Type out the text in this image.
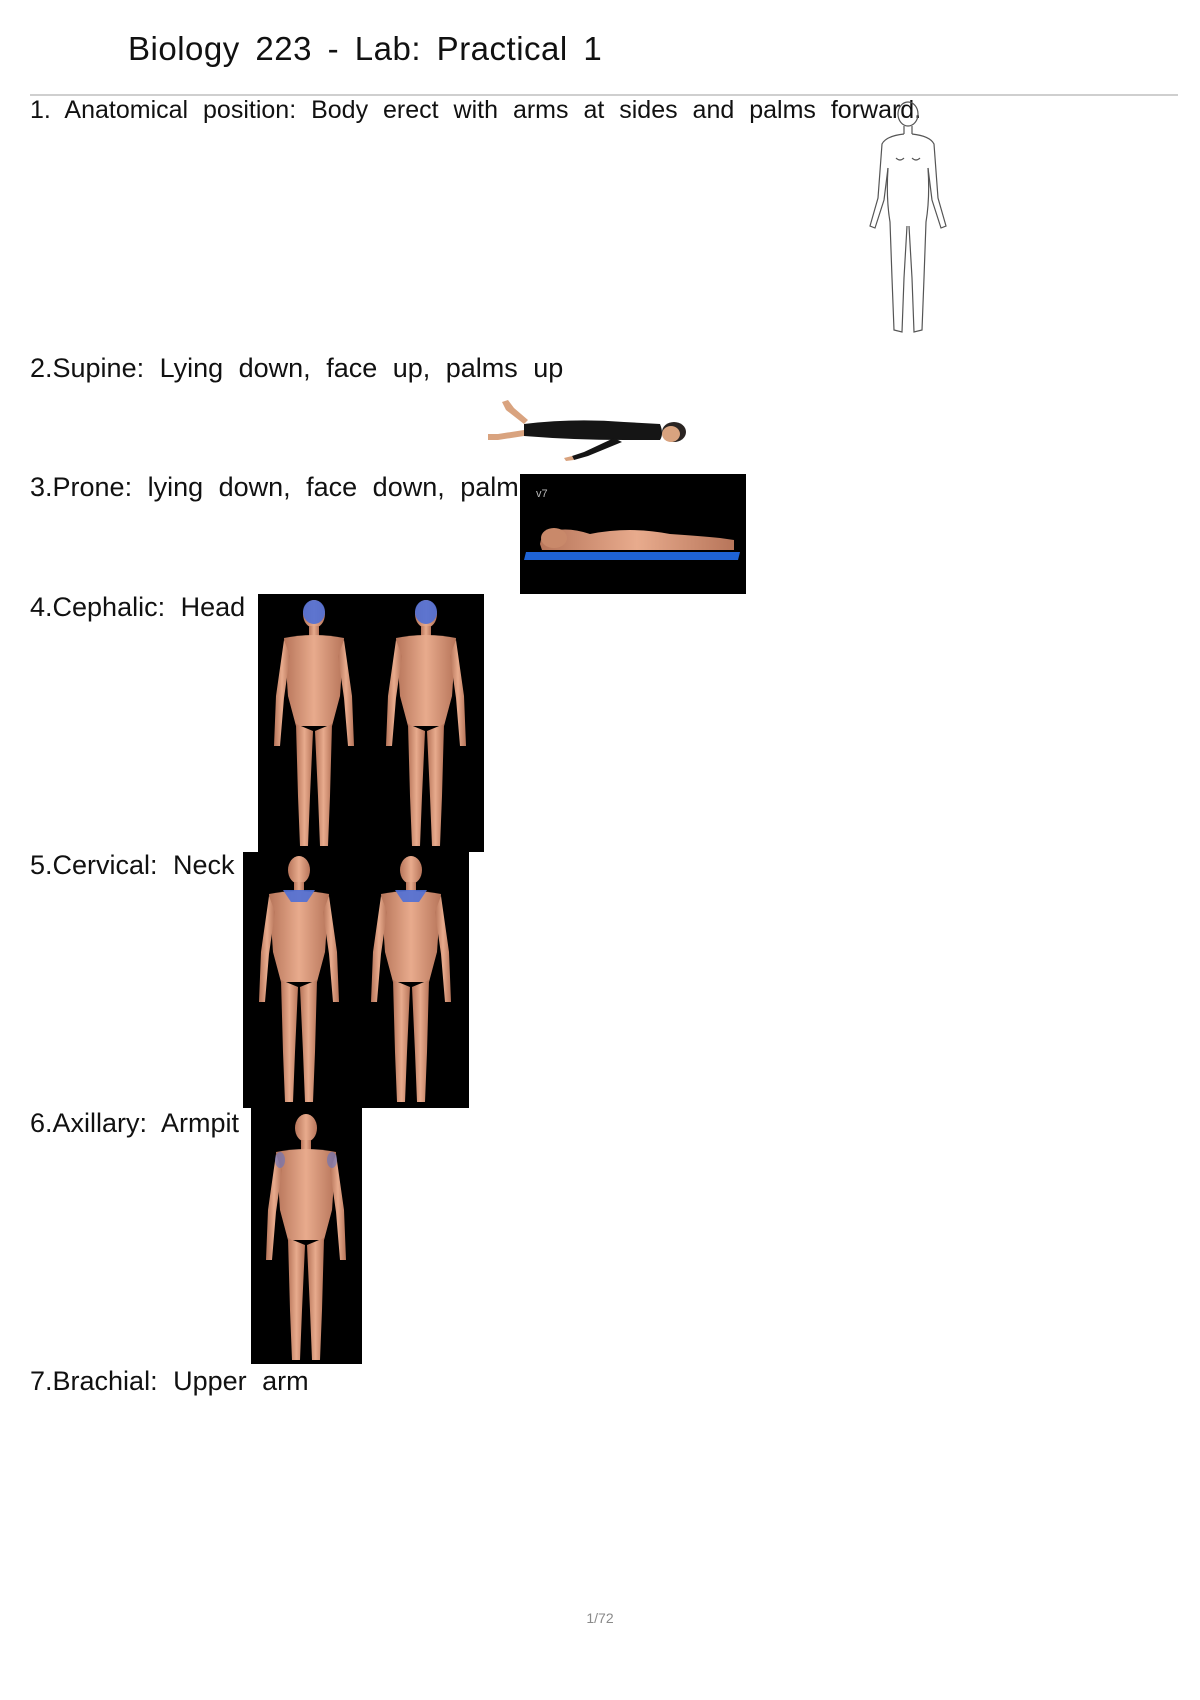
Biology 223 - Lab: Practical 1
1. Anatomical position: Body erect with arms at sides and palms forward.
2.Supine: Lying down, face up, palms up
3.Prone: lying down, face down, palm v7
4.Cephalic: Head
5.Cervical: Neck
6.Axillary: Armpit
7.Brachial: Upper arm
1/72
